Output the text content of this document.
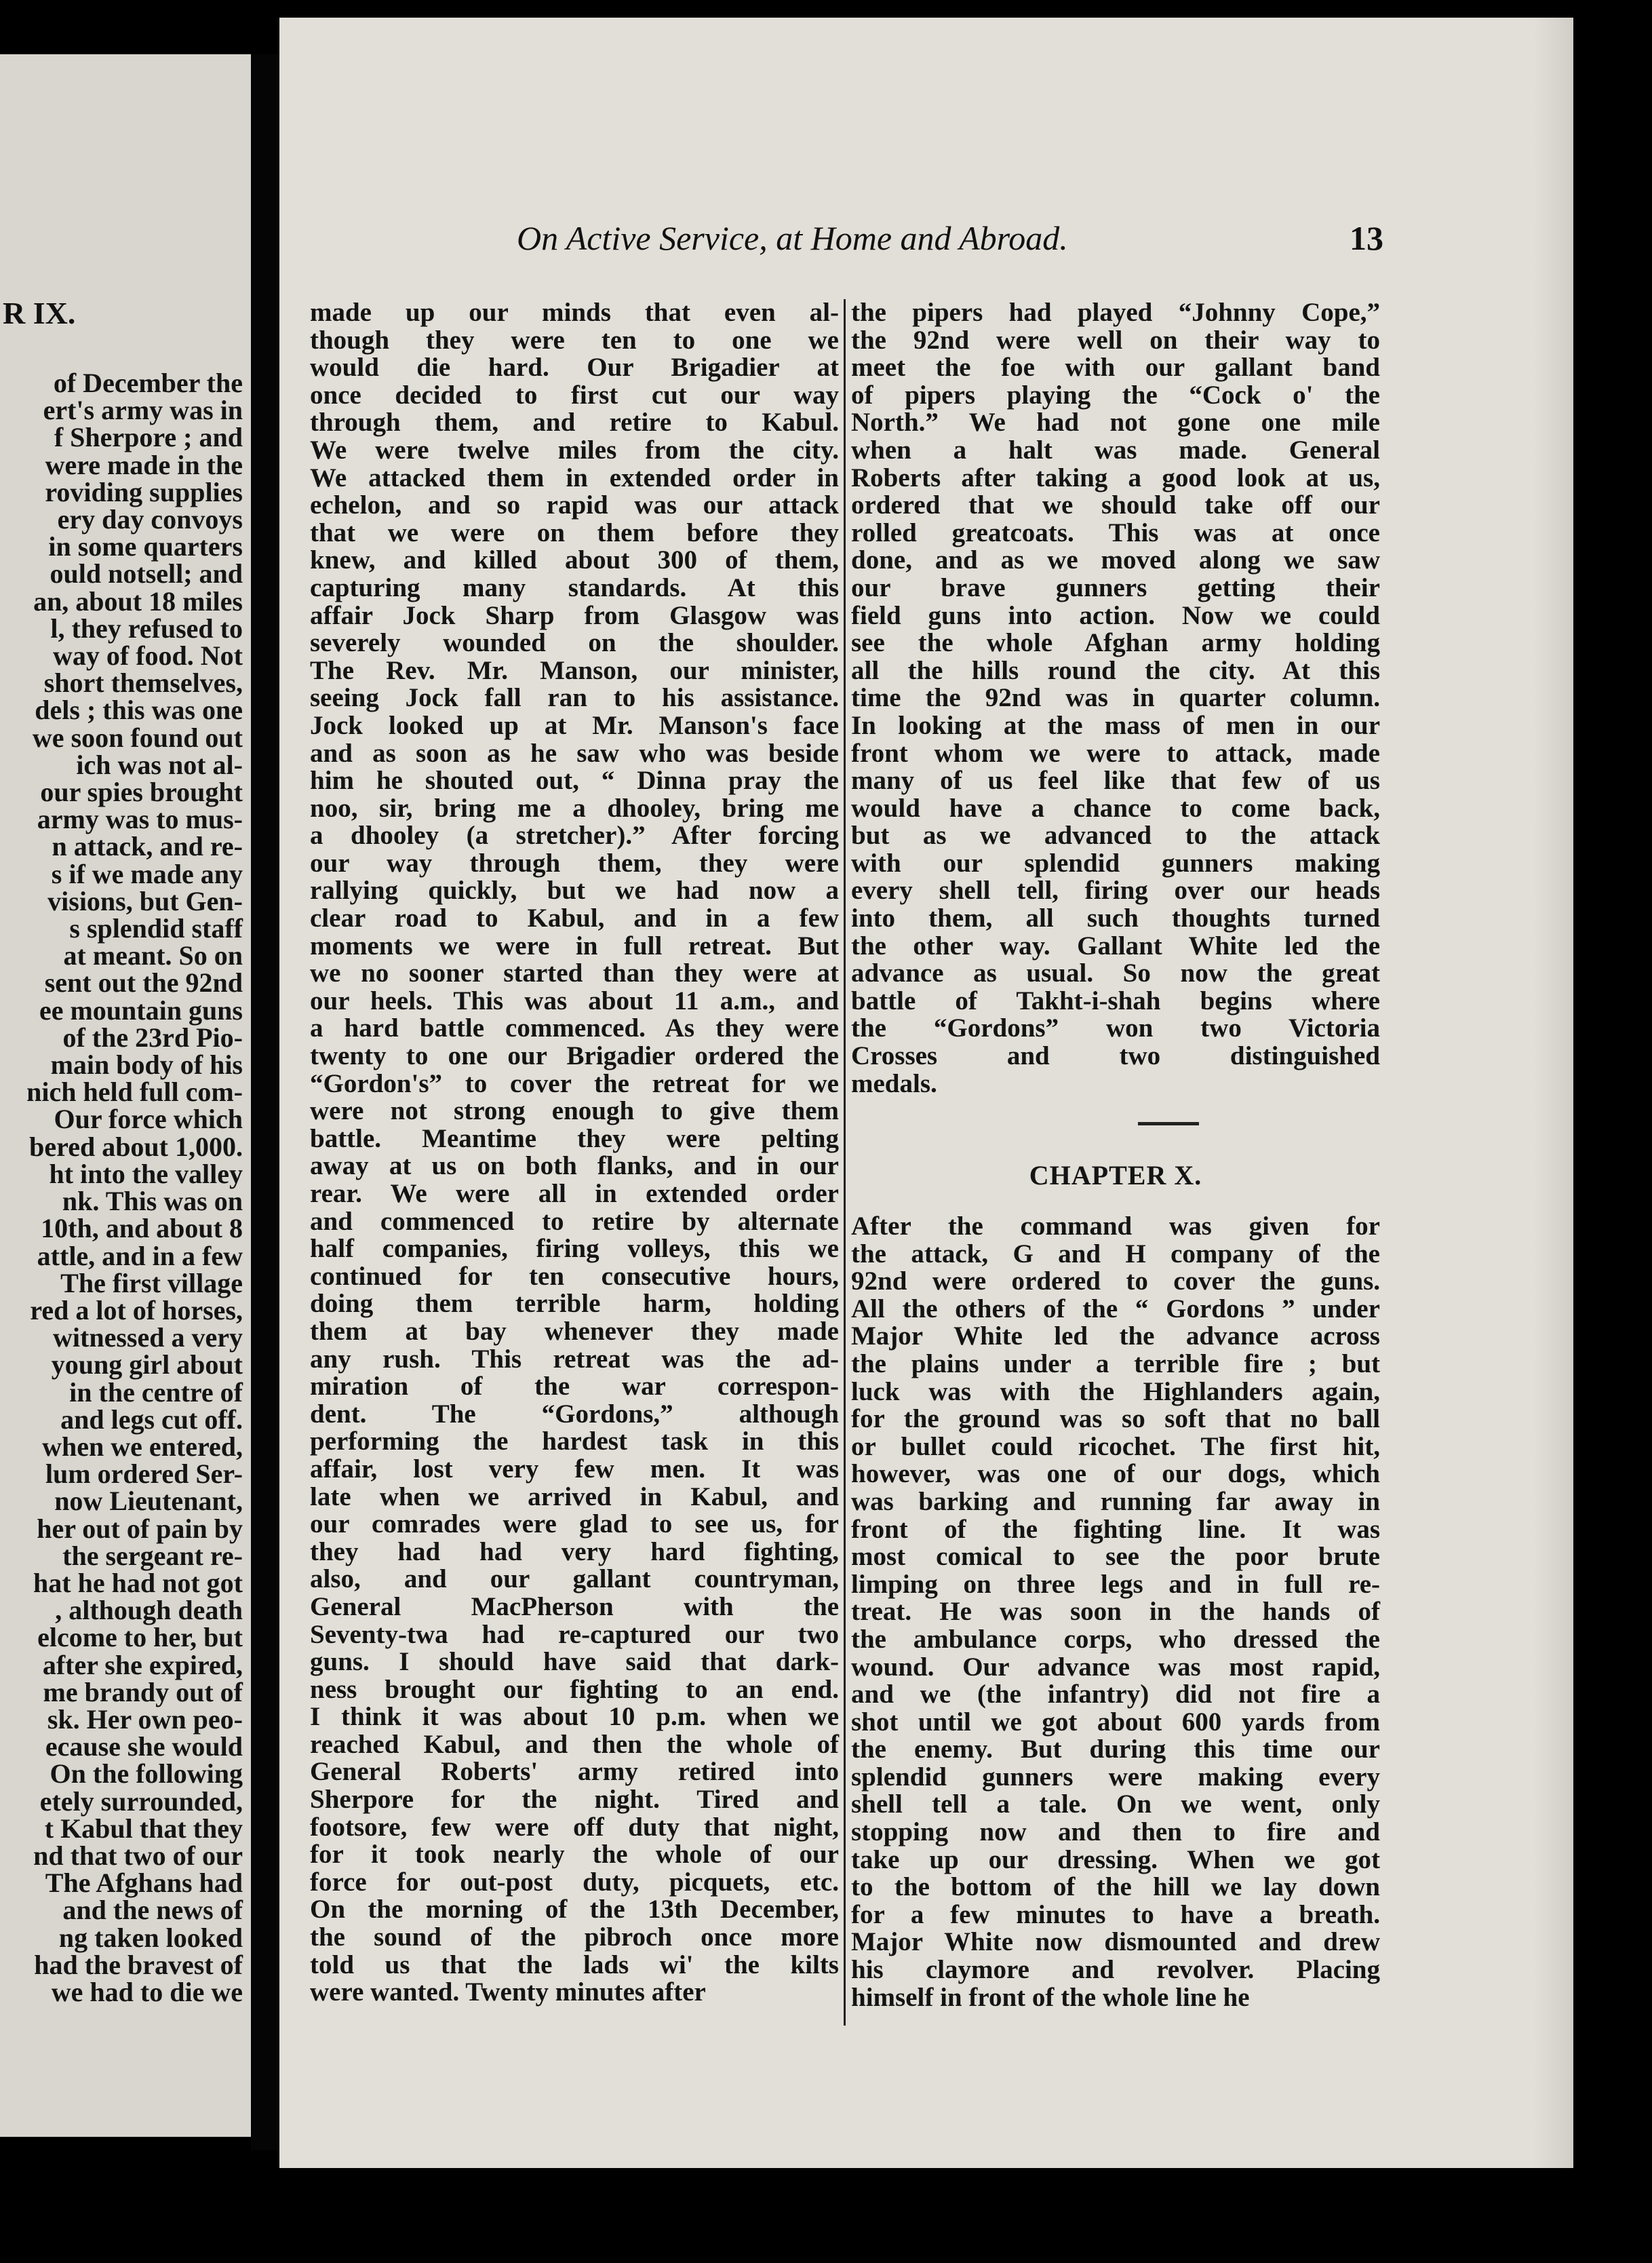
R IX.
of December the
ert's army was in
f Sherpore ; and
were made in the
roviding supplies
ery day convoys
in some quarters
ould notsell; and
an, about 18 miles
l, they refused to
way of food. Not
short themselves,
dels ; this was one
we soon found out
ich was not al-
our spies brought
army was to mus-
n attack, and re-
s if we made any
visions, but Gen-
s splendid staff
at meant. So on
sent out the 92nd
ee mountain guns
of the 23rd Pio-
main body of his
nich held full com-
Our force which
bered about 1,000.
ht into the valley
nk. This was on
10th, and about 8
attle, and in a few
The first village
red a lot of horses,
witnessed a very
young girl about
in the centre of
and legs cut off.
when we entered,
lum ordered Ser-
now Lieutenant,
her out of pain by
the sergeant re-
hat he had not got
, although death
elcome to her, but
after she expired,
me brandy out of
sk. Her own peo-
ecause she would
On the following
etely surrounded,
t Kabul that they
nd that two of our
The Afghans had
and the news of
ng taken looked
had the bravest of
we had to die we
On Active Service, at Home and Abroad.	13
made up our minds that even al-
though they were ten to one we
would die hard. Our Brigadier at
once decided to first cut our way
through them, and retire to Kabul.
We were twelve miles from the city.
We attacked them in extended order in
echelon, and so rapid was our attack
that we were on them before they
knew, and killed about 300 of them,
capturing many standards. At this
affair Jock Sharp from Glasgow was
severely wounded on the shoulder.
The Rev. Mr. Manson, our minister,
seeing Jock fall ran to his assistance.
Jock looked up at Mr. Manson's face
and as soon as he saw who was beside
him he shouted out, “ Dinna pray the
noo, sir, bring me a dhooley, bring me
a dhooley (a stretcher).” After forcing
our way through them, they were
rallying quickly, but we had now a
clear road to Kabul, and in a few
moments we were in full retreat. But
we no sooner started than they were at
our heels. This was about 11 a.m., and
a hard battle commenced. As they were
twenty to one our Brigadier ordered the
“Gordon's” to cover the retreat for we
were not strong enough to give them
battle. Meantime they were pelting
away at us on both flanks, and in our
rear. We were all in extended order
and commenced to retire by alternate
half companies, firing volleys, this we
continued for ten consecutive hours,
doing them terrible harm, holding
them at bay whenever they made
any rush. This retreat was the ad-
miration of the war correspon-
dent. The “Gordons,” although
performing the hardest task in this
affair, lost very few men. It was
late when we arrived in Kabul, and
our comrades were glad to see us, for
they had had very hard fighting,
also, and our gallant countryman,
General MacPherson with the
Seventy-twa had re-captured our two
guns. I should have said that dark-
ness brought our fighting to an end.
I think it was about 10 p.m. when we
reached Kabul, and then the whole of
General Roberts' army retired into
Sherpore for the night. Tired and
footsore, few were off duty that night,
for it took nearly the whole of our
force for out-post duty, picquets, etc.
On the morning of the 13th December,
the sound of the pibroch once more
told us that the lads wi' the kilts
were wanted. Twenty minutes after
the pipers had played “Johnny Cope,”
the 92nd were well on their way to
meet the foe with our gallant band
of pipers playing the “Cock o' the
North.” We had not gone one mile
when a halt was made. General
Roberts after taking a good look at us,
ordered that we should take off our
rolled greatcoats. This was at once
done, and as we moved along we saw
our brave gunners getting their
field guns into action. Now we could
see the whole Afghan army holding
all the hills round the city. At this
time the 92nd was in quarter column.
In looking at the mass of men in our
front whom we were to attack, made
many of us feel like that few of us
would have a chance to come back,
but as we advanced to the attack
with our splendid gunners making
every shell tell, firing over our heads
into them, all such thoughts turned
the other way. Gallant White led the
advance as usual. So now the great
battle of Takht-i-shah begins where
the “Gordons” won two Victoria
Crosses and two distinguished
medals.
CHAPTER X.
After the command was given for
the attack, G and H company of the
92nd were ordered to cover the guns.
All the others of the “ Gordons ” under
Major White led the advance across
the plains under a terrible fire ; but
luck was with the Highlanders again,
for the ground was so soft that no ball
or bullet could ricochet. The first hit,
however, was one of our dogs, which
was barking and running far away in
front of the fighting line. It was
most comical to see the poor brute
limping on three legs and in full re-
treat. He was soon in the hands of
the ambulance corps, who dressed the
wound. Our advance was most rapid,
and we (the infantry) did not fire a
shot until we got about 600 yards from
the enemy. But during this time our
splendid gunners were making every
shell tell a tale. On we went, only
stopping now and then to fire and
take up our dressing. When we got
to the bottom of the hill we lay down
for a few minutes to have a breath.
Major White now dismounted and drew
his claymore and revolver. Placing
himself in front of the whole line he
